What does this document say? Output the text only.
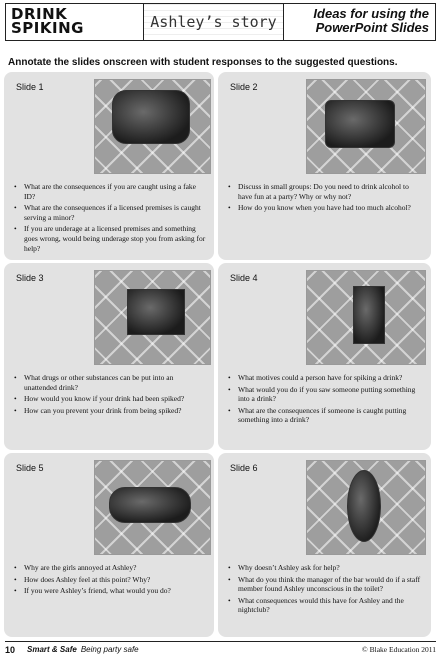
DRINK
SPIKING	Ashley’s story	Ideas for using the
PowerPoint Slides
Annotate the slides onscreen with student responses to the suggested questions.
Slide 1
• What are the consequences if you are caught using a fake ID?
• What are the consequences if a licensed premises is caught serving a minor?
• If you are underage at a licensed premises and something goes wrong, would being underage stop you from asking for help?
Slide 2
• Discuss in small groups: Do you need to drink alcohol to have fun at a party? Why or why not?
• How do you know when you have had too much alcohol?
Slide 3
• What drugs or other substances can be put into an unattended drink?
• How would you know if your drink had been spiked?
• How can you prevent your drink from being spiked?
Slide 4
• What motives could a person have for spiking a drink?
• What would you do if you saw someone putting something into a drink?
• What are the consequences if someone is caught putting something into a drink?
Slide 5
• Why are the girls annoyed at Ashley?
• How does Ashley feel at this point? Why?
• If you were Ashley’s friend, what would you do?
Slide 6
• Why doesn’t Ashley ask for help?
• What do you think the manager of the bar would do if a staff member found Ashley unconscious in the toilet?
• What consequences would this have for Ashley and the nightclub?
10 Smart & Safe Being party safe	© Blake Education 2011
